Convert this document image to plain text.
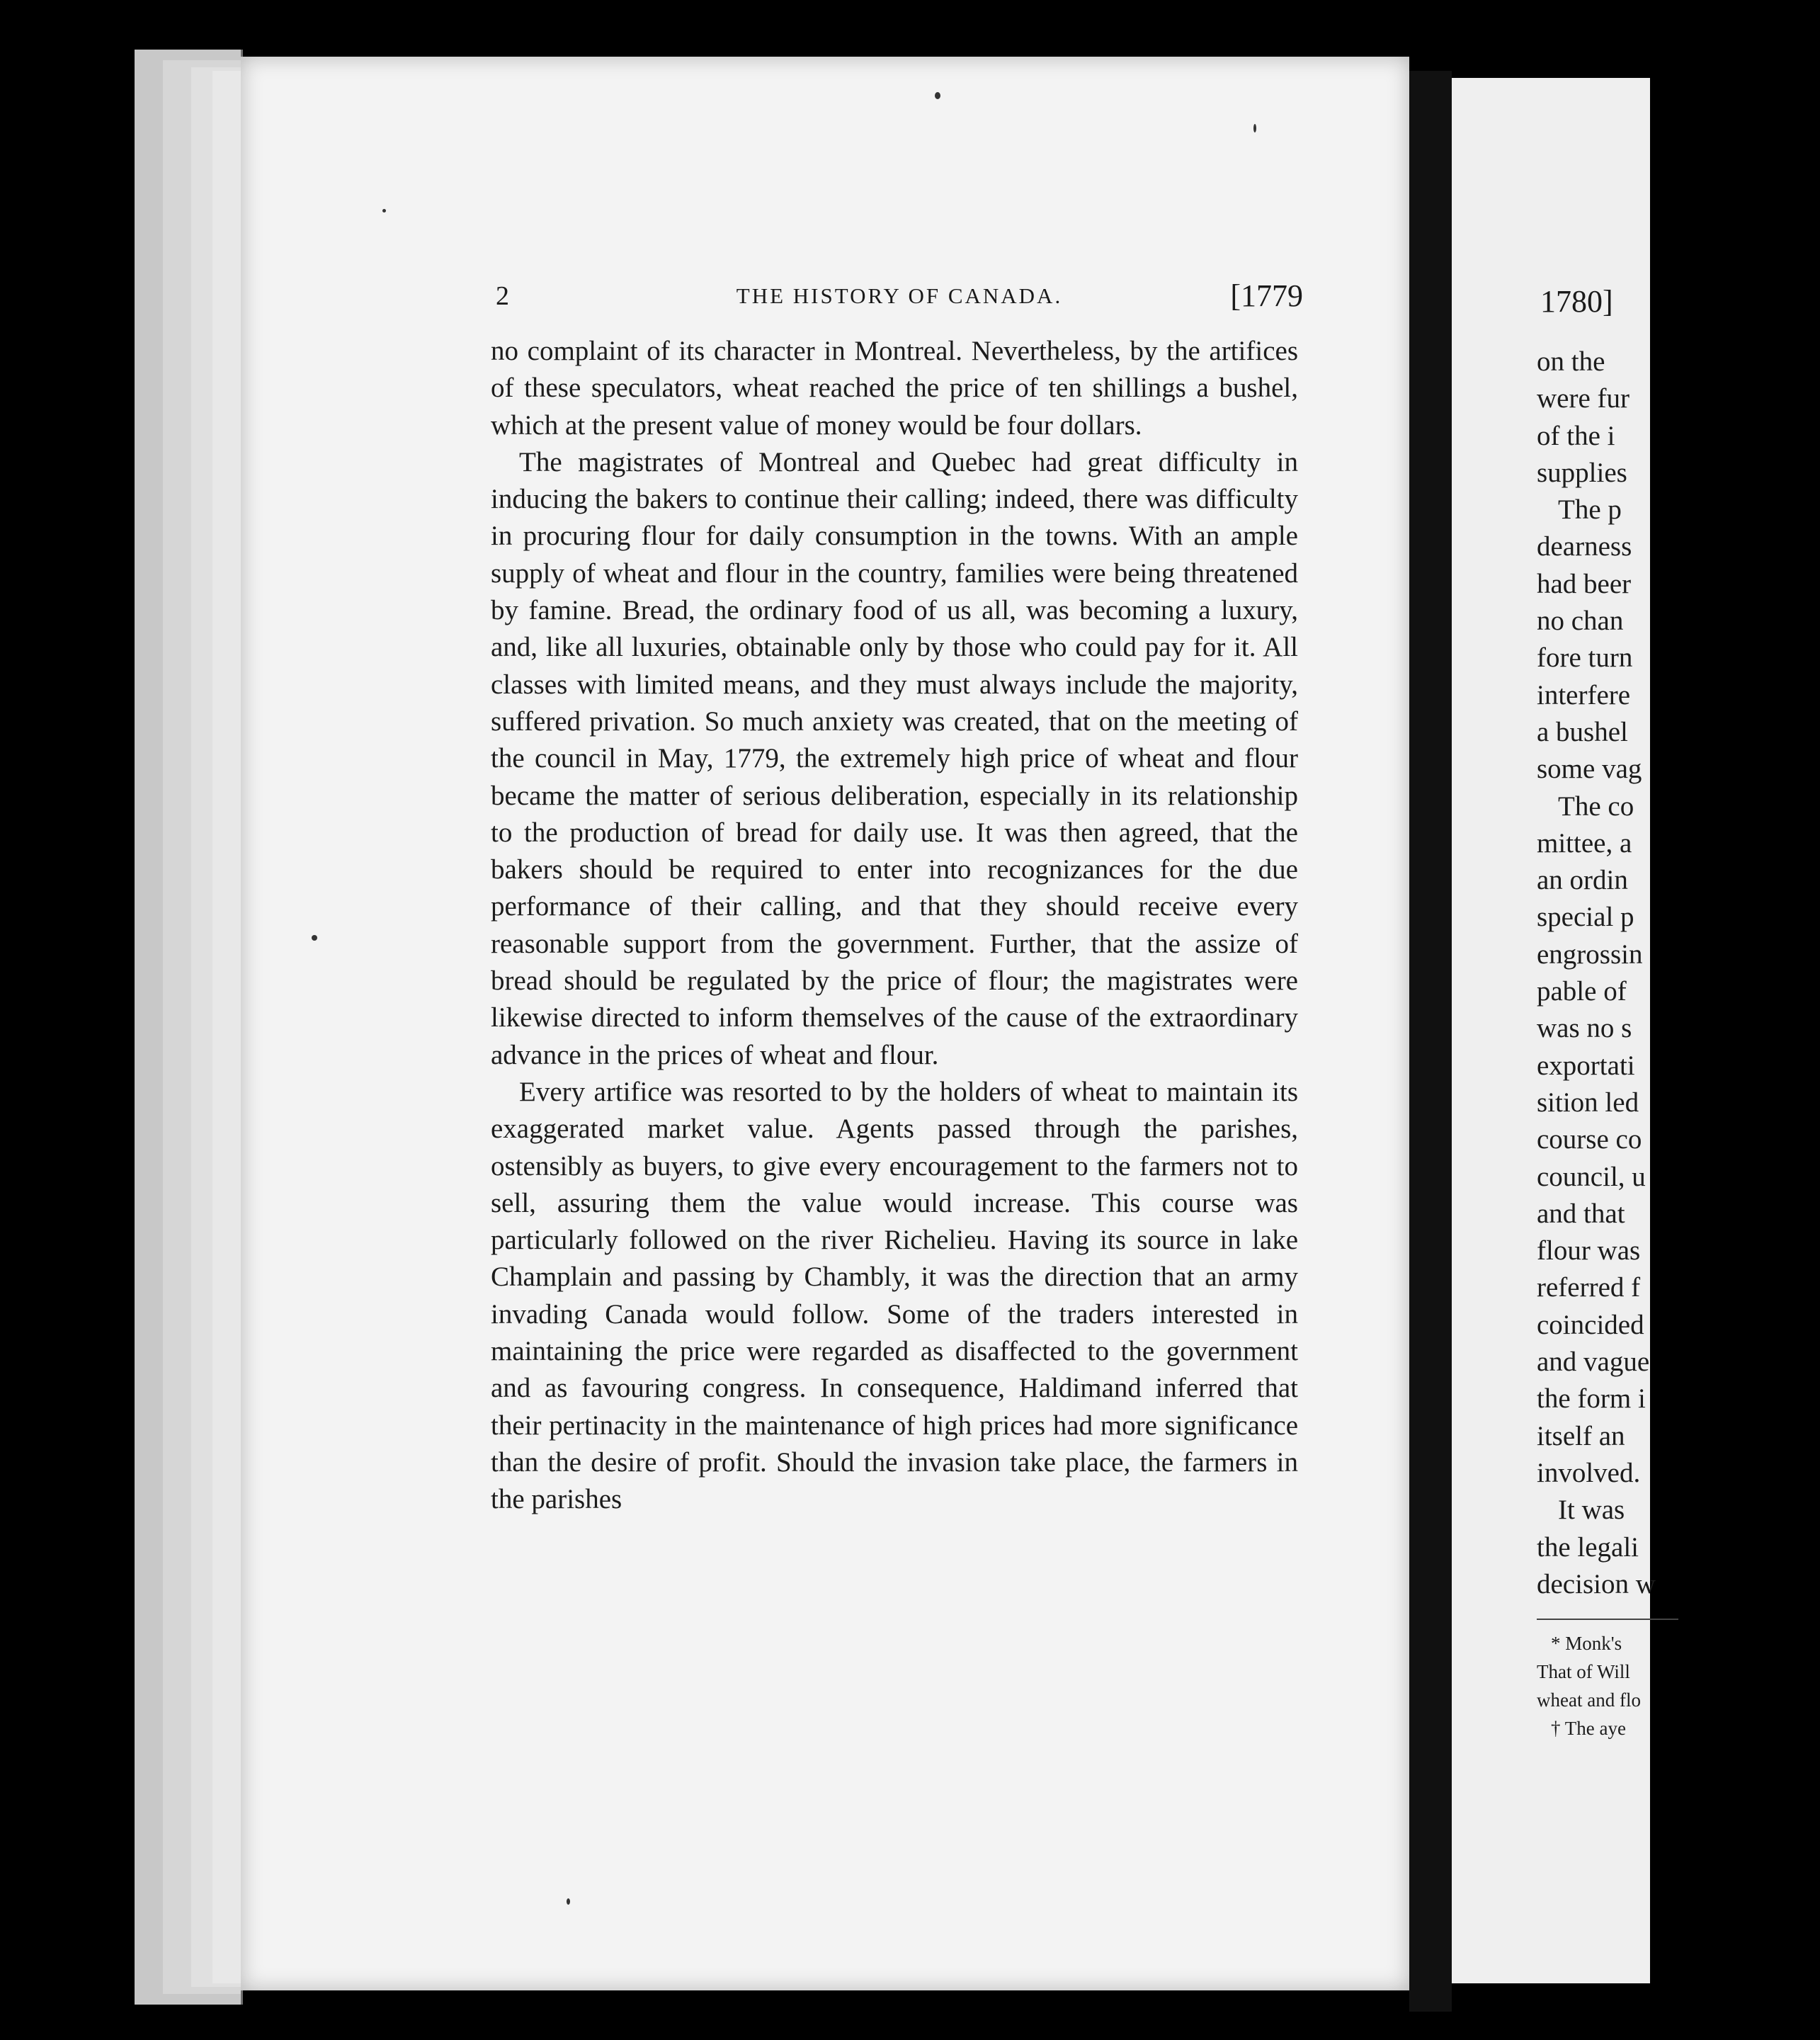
2	THE HISTORY OF CANADA.	[1779

no complaint of its character in Montreal. Nevertheless, by the artifices of these speculators, wheat reached the price of ten shillings a bushel, which at the present value of money would be four dollars.

The magistrates of Montreal and Quebec had great difficulty in inducing the bakers to continue their calling; indeed, there was difficulty in procuring flour for daily consumption in the towns. With an ample supply of wheat and flour in the country, families were being threatened by famine. Bread, the ordinary food of us all, was becoming a luxury, and, like all luxuries, obtainable only by those who could pay for it. All classes with limited means, and they must always include the majority, suffered privation. So much anxiety was created, that on the meeting of the council in May, 1779, the extremely high price of wheat and flour became the matter of serious deliberation, especially in its relationship to the production of bread for daily use. It was then agreed, that the bakers should be required to enter into recognizances for the due performance of their calling, and that they should receive every reasonable support from the government. Further, that the assize of bread should be regulated by the price of flour; the magistrates were likewise directed to inform themselves of the cause of the extraordinary advance in the prices of wheat and flour.

Every artifice was resorted to by the holders of wheat to maintain its exaggerated market value. Agents passed through the parishes, ostensibly as buyers, to give every encouragement to the farmers not to sell, assuring them the value would increase. This course was particularly followed on the river Richelieu. Having its source in lake Champlain and passing by Chambly, it was the direction that an army invading Canada would follow. Some of the traders interested in maintaining the price were regarded as disaffected to the government and as favouring congress. In consequence, Haldimand inferred that their pertinacity in the maintenance of high prices had more significance than the desire of profit. Should the invasion take place, the farmers in the parishes

1780]
on the
were fur
of the i
supplies
The p
dearness
had beer
no chan
fore turn
interfere
a bushel
some vag
The co
mittee, a
an ordin
special p
engrossin
pable of
was no s
exportati
sition led
course co
council, u
and that
flour was
referred f
coincided
and vague
the form i
itself an
involved.
It was
the legali
decision w
* Monk's
That of Will
wheat and flo
† The aye
